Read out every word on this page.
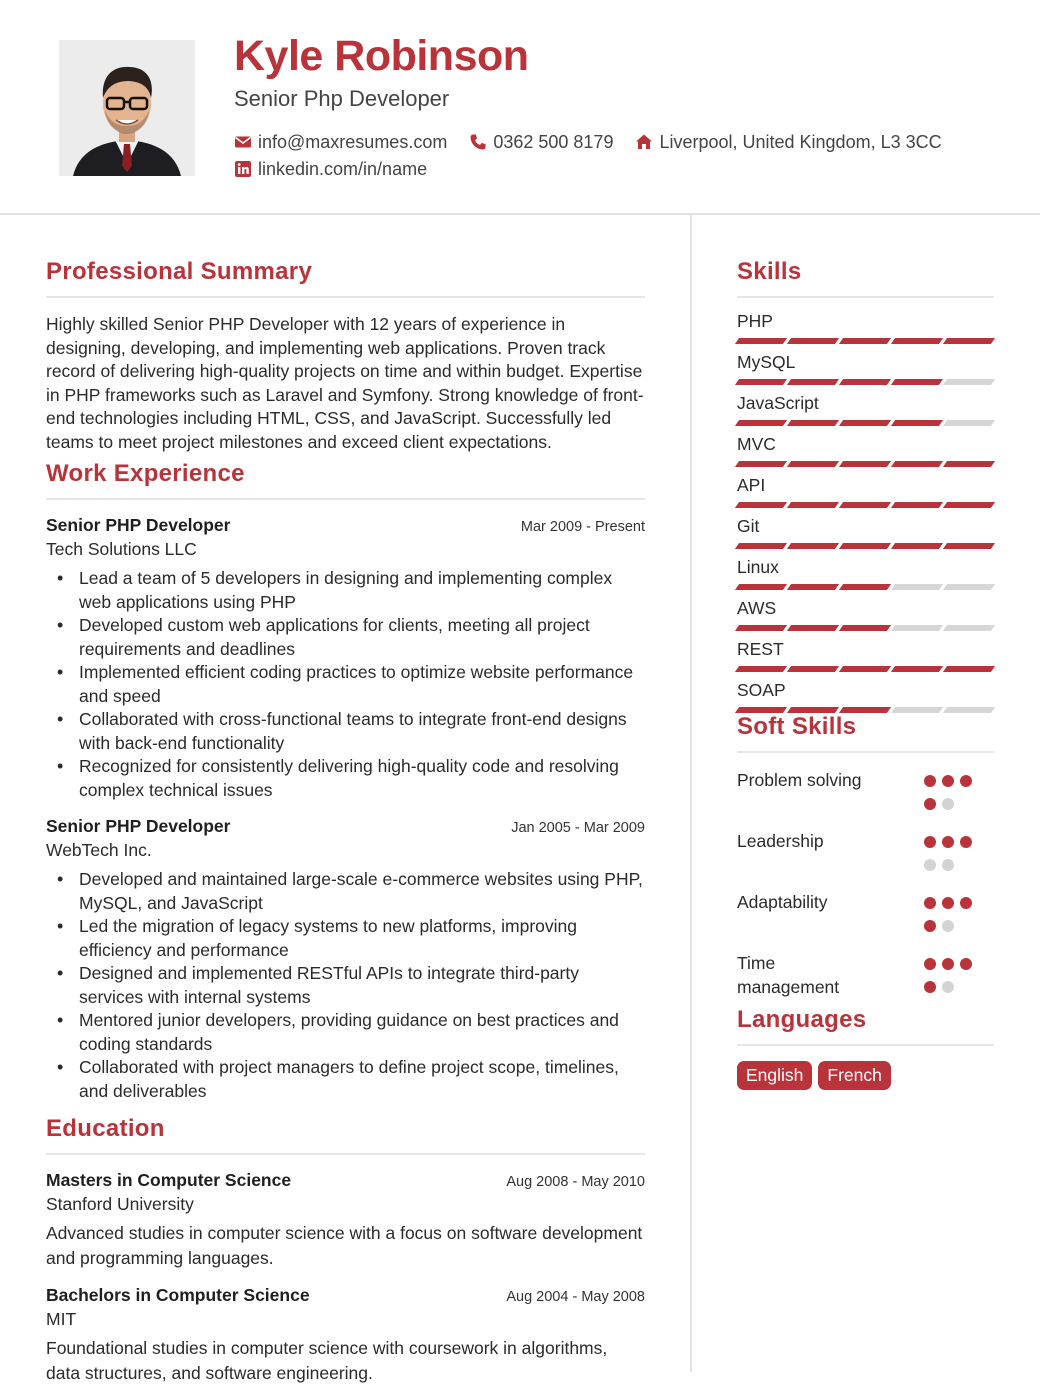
Kyle Robinson
Senior Php Developer
info@maxresumes.com	0362 500 8179	Liverpool, United Kingdom, L3 3CC
linkedin.com/in/name
Professional Summary
Highly skilled Senior PHP Developer with 12 years of experience in designing, developing, and implementing web applications. Proven track record of delivering high-quality projects on time and within budget. Expertise in PHP frameworks such as Laravel and Symfony. Strong knowledge of front-end technologies including HTML, CSS, and JavaScript. Successfully led teams to meet project milestones and exceed client expectations.
Work Experience
Senior PHP Developer	Mar 2009 - Present
Tech Solutions LLC
• Lead a team of 5 developers in designing and implementing complex web applications using PHP
• Developed custom web applications for clients, meeting all project requirements and deadlines
• Implemented efficient coding practices to optimize website performance and speed
• Collaborated with cross-functional teams to integrate front-end designs with back-end functionality
• Recognized for consistently delivering high-quality code and resolving complex technical issues
Senior PHP Developer	Jan 2005 - Mar 2009
WebTech Inc.
• Developed and maintained large-scale e-commerce websites using PHP, MySQL, and JavaScript
• Led the migration of legacy systems to new platforms, improving efficiency and performance
• Designed and implemented RESTful APIs to integrate third-party services with internal systems
• Mentored junior developers, providing guidance on best practices and coding standards
• Collaborated with project managers to define project scope, timelines, and deliverables
Education
Masters in Computer Science	Aug 2008 - May 2010
Stanford University
Advanced studies in computer science with a focus on software development and programming languages.
Bachelors in Computer Science	Aug 2004 - May 2008
MIT
Foundational studies in computer science with coursework in algorithms, data structures, and software engineering.
Skills
PHP
MySQL
JavaScript
MVC
API
Git
Linux
AWS
REST
SOAP
Soft Skills
Problem solving
Leadership
Adaptability
Time management
Languages
English	French
